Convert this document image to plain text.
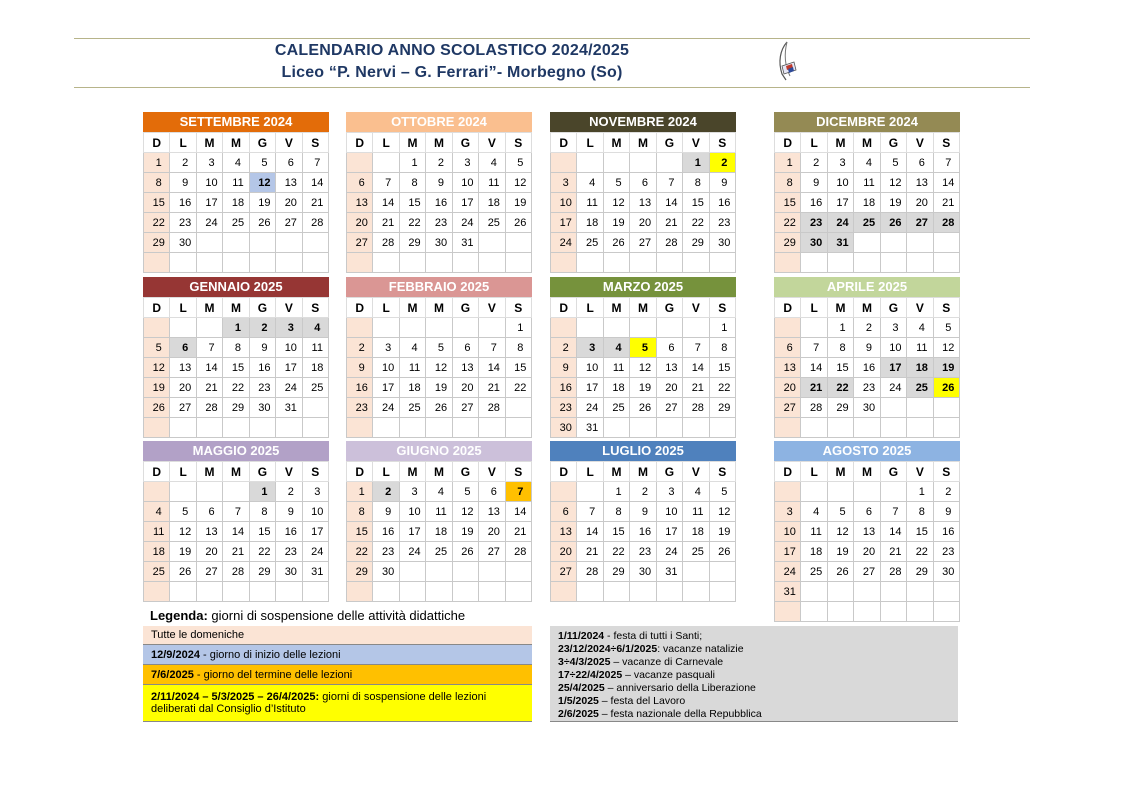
CALENDARIO ANNO SCOLASTICO 2024/2025
Liceo “P. Nervi – G. Ferrari”- Morbegno (So)
SETTEMBRE 2024
D	L	M	M	G	V	S
1	2	3	4	5	6	7
8	9	10	11	12	13	14
15	16	17	18	19	20	21
22	23	24	25	26	27	28
29	30					

OTTOBRE 2024
D	L	M	M	G	V	S
		1	2	3	4	5
6	7	8	9	10	11	12
13	14	15	16	17	18	19
20	21	22	23	24	25	26
27	28	29	30	31		

NOVEMBRE 2024
D	L	M	M	G	V	S
					1	2
3	4	5	6	7	8	9
10	11	12	13	14	15	16
17	18	19	20	21	22	23
24	25	26	27	28	29	30

DICEMBRE 2024
D	L	M	M	G	V	S
1	2	3	4	5	6	7
8	9	10	11	12	13	14
15	16	17	18	19	20	21
22	23	24	25	26	27	28
29	30	31				

GENNAIO 2025
D	L	M	M	G	V	S
			1	2	3	4
5	6	7	8	9	10	11
12	13	14	15	16	17	18
19	20	21	22	23	24	25
26	27	28	29	30	31	

FEBBRAIO 2025
D	L	M	M	G	V	S
						1
2	3	4	5	6	7	8
9	10	11	12	13	14	15
16	17	18	19	20	21	22
23	24	25	26	27	28	

MARZO 2025
D	L	M	M	G	V	S
						1
2	3	4	5	6	7	8
9	10	11	12	13	14	15
16	17	18	19	20	21	22
23	24	25	26	27	28	29
30	31					
APRILE 2025
D	L	M	M	G	V	S
		1	2	3	4	5
6	7	8	9	10	11	12
13	14	15	16	17	18	19
20	21	22	23	24	25	26
27	28	29	30			

MAGGIO 2025
D	L	M	M	G	V	S
				1	2	3
4	5	6	7	8	9	10
11	12	13	14	15	16	17
18	19	20	21	22	23	24
25	26	27	28	29	30	31

GIUGNO 2025
D	L	M	M	G	V	S
1	2	3	4	5	6	7
8	9	10	11	12	13	14
15	16	17	18	19	20	21
22	23	24	25	26	27	28
29	30					

LUGLIO 2025
D	L	M	M	G	V	S
		1	2	3	4	5
6	7	8	9	10	11	12
13	14	15	16	17	18	19
20	21	22	23	24	25	26
27	28	29	30	31		

AGOSTO 2025
D	L	M	M	G	V	S
					1	2
3	4	5	6	7	8	9
10	11	12	13	14	15	16
17	18	19	20	21	22	23
24	25	26	27	28	29	30
31						

Legenda: giorni di sospensione delle attività didattiche
Tutte le domeniche
12/9/2024 - giorno di inizio delle lezioni
7/6/2025 - giorno del termine delle lezioni
2/11/2024 – 5/3/2025 – 26/4/2025: giorni di sospensione delle lezioni deliberati dal Consiglio d’Istituto
1/11/2024 - festa di tutti i Santi;
23/12/2024÷6/1/2025: vacanze natalizie
3÷4/3/2025 – vacanze di Carnevale
17÷22/4/2025 – vacanze pasquali
25/4/2025 – anniversario della Liberazione
1/5/2025 – festa del Lavoro
2/6/2025 – festa nazionale della Repubblica
